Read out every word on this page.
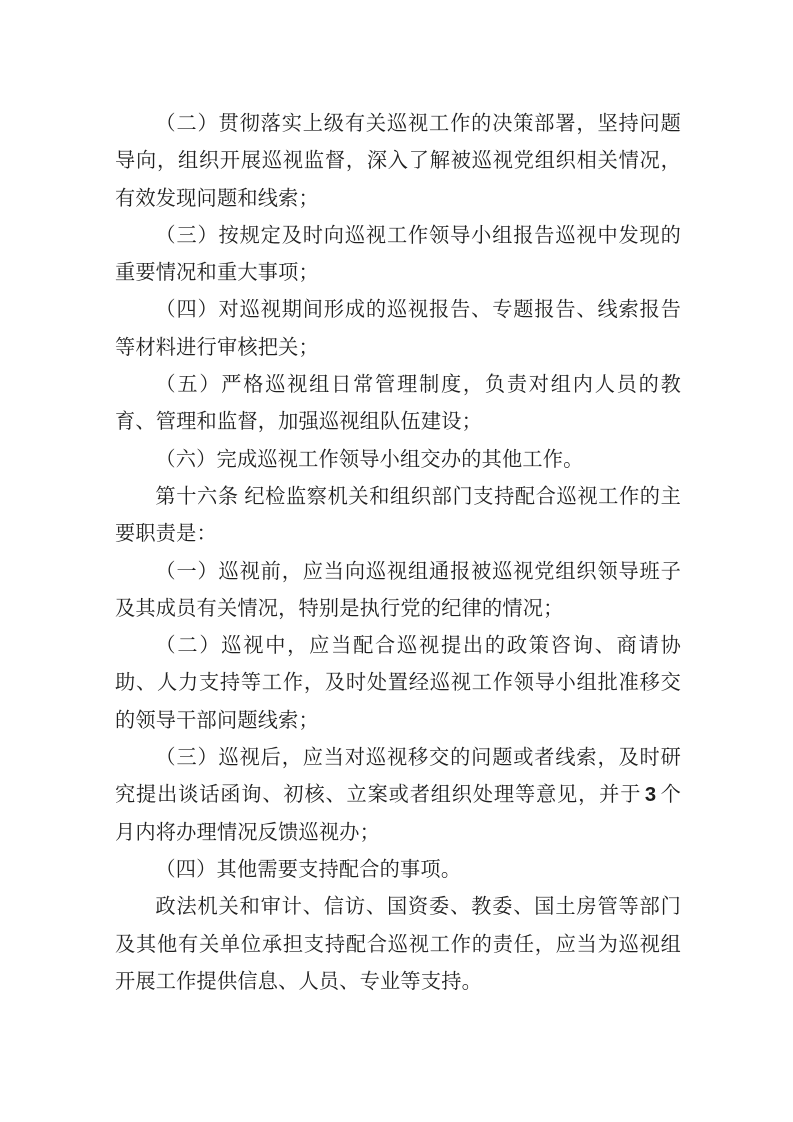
（二）贯彻落实上级有关巡视工作的决策部署，坚持问题导向，组织开展巡视监督，深入了解被巡视党组织相关情况，有效发现问题和线索；

（三）按规定及时向巡视工作领导小组报告巡视中发现的重要情况和重大事项；

（四）对巡视期间形成的巡视报告、专题报告、线索报告等材料进行审核把关；

（五）严格巡视组日常管理制度，负责对组内人员的教育、管理和监督，加强巡视组队伍建设；

（六）完成巡视工作领导小组交办的其他工作。

第十六条 纪检监察机关和组织部门支持配合巡视工作的主要职责是：

（一）巡视前，应当向巡视组通报被巡视党组织领导班子及其成员有关情况，特别是执行党的纪律的情况；

（二）巡视中，应当配合巡视提出的政策咨询、商请协助、人力支持等工作，及时处置经巡视工作领导小组批准移交的领导干部问题线索；

（三）巡视后，应当对巡视移交的问题或者线索，及时研究提出谈话函询、初核、立案或者组织处理等意见，并于 3 个月内将办理情况反馈巡视办；

（四）其他需要支持配合的事项。

政法机关和审计、信访、国资委、教委、国土房管等部门及其他有关单位承担支持配合巡视工作的责任，应当为巡视组开展工作提供信息、人员、专业等支持。
